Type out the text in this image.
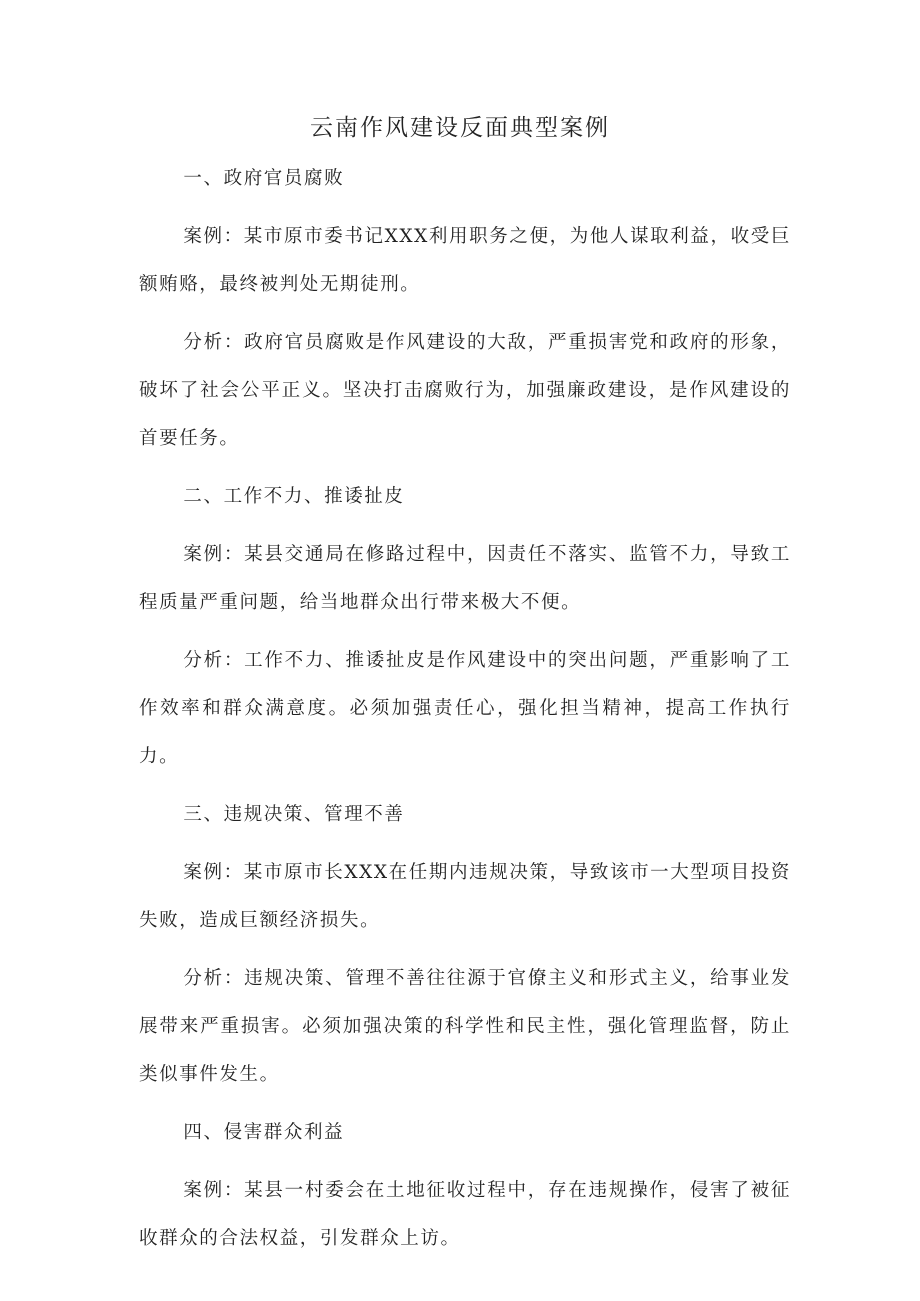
云南作风建设反面典型案例

一、政府官员腐败

案例：某市原市委书记XXX利用职务之便，为他人谋取利益，收受巨额贿赂，最终被判处无期徒刑。

分析：政府官员腐败是作风建设的大敌，严重损害党和政府的形象，破坏了社会公平正义。坚决打击腐败行为，加强廉政建设，是作风建设的首要任务。

二、工作不力、推诿扯皮

案例：某县交通局在修路过程中，因责任不落实、监管不力，导致工程质量严重问题，给当地群众出行带来极大不便。

分析：工作不力、推诿扯皮是作风建设中的突出问题，严重影响了工作效率和群众满意度。必须加强责任心，强化担当精神，提高工作执行力。

三、违规决策、管理不善

案例：某市原市长XXX在任期内违规决策，导致该市一大型项目投资失败，造成巨额经济损失。

分析：违规决策、管理不善往往源于官僚主义和形式主义，给事业发展带来严重损害。必须加强决策的科学性和民主性，强化管理监督，防止类似事件发生。

四、侵害群众利益

案例：某县一村委会在土地征收过程中，存在违规操作，侵害了被征收群众的合法权益，引发群众上访。
